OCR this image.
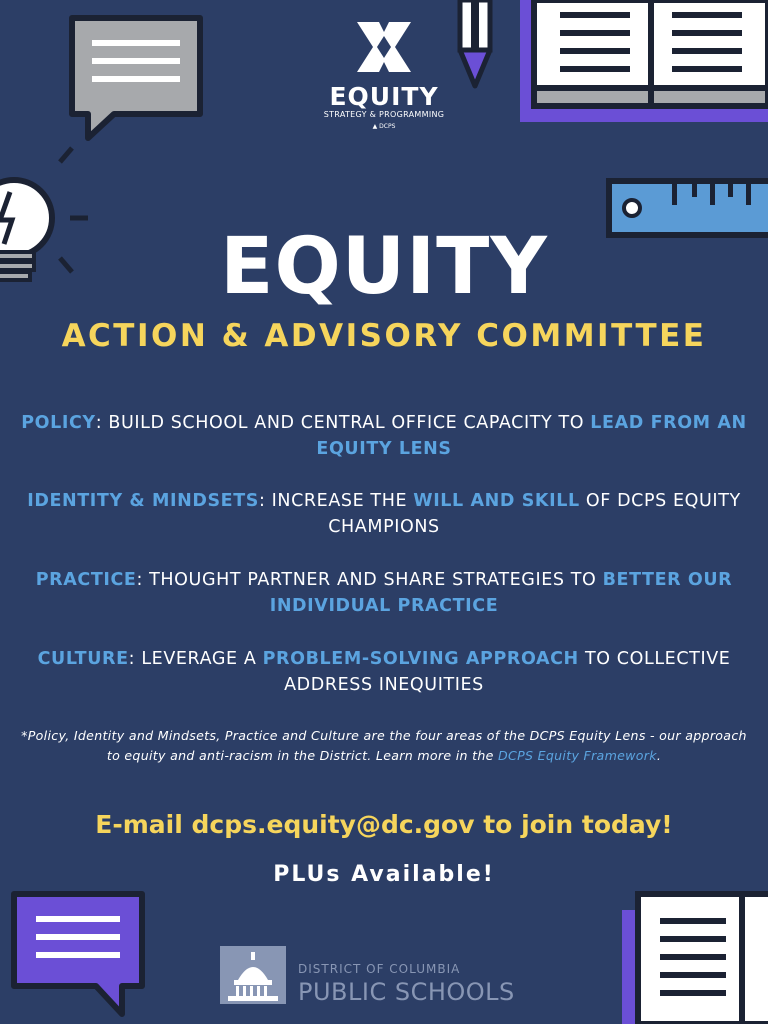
EQUITY
STRATEGY & PROGRAMMING
▲ DCPS
EQUITY
ACTION & ADVISORY COMMITTEE
POLICY: BUILD SCHOOL AND CENTRAL OFFICE CAPACITY TO LEAD FROM AN EQUITY LENS
IDENTITY & MINDSETS: INCREASE THE WILL AND SKILL OF DCPS EQUITY CHAMPIONS
PRACTICE: THOUGHT PARTNER AND SHARE STRATEGIES TO BETTER OUR INDIVIDUAL PRACTICE
CULTURE: LEVERAGE A PROBLEM-SOLVING APPROACH TO COLLECTIVE ADDRESS INEQUITIES
*Policy, Identity and Mindsets, Practice and Culture are the four areas of the DCPS Equity Lens - our approach to equity and anti-racism in the District. Learn more in the DCPS Equity Framework.
E-mail dcps.equity@dc.gov to join today!
PLUs Available!
DISTRICT OF COLUMBIA
PUBLIC SCHOOLS
